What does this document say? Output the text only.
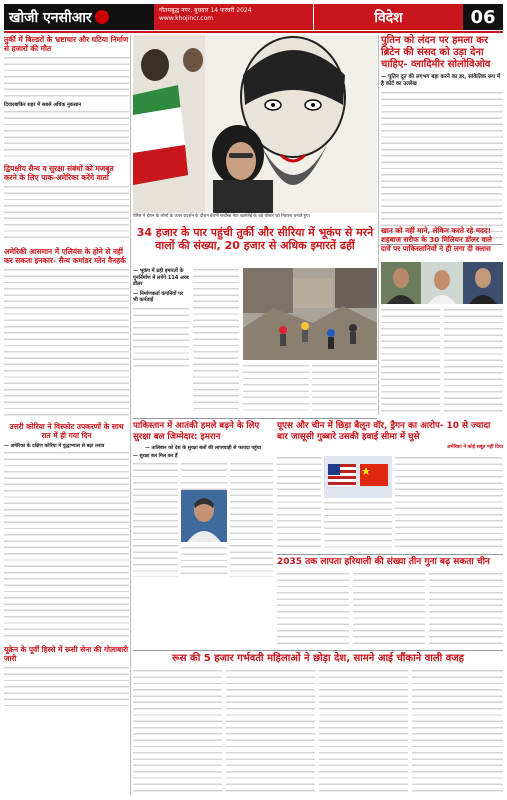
खोजी एनसीआर	गौतमबुद्ध नगर, बुधवार 14 फरवरी 2024
www.khojincr.com	विदेश	06
तुर्की में बिल्डरों के भ्रष्टाचार और घटिया निर्माण से हजारों की मौत
दियारबाकिर शहर में सबसे अधिक नुकसान
द्विपक्षीय सैन्य व सुरक्षा संबंधों को मजबूत करने के लिए पाक-अमेरिका करेंगे वार्ता
अमेरिकी आसमान में एलियंस के होने से नहीं कर सकता इनकार- सैन्य कमांडर ग्लेन वैनहर्क
उत्तरी कोरिया ने विस्फोट उपकरणों के साथ रात में ही गया दिन
— अमेरिका के दक्षिण कोरिया में युद्धाभ्यास से बढ़ा तनाव
यूक्रेन के पूर्वी हिस्से में रूसी सेना की गोलाबारी जारी
पेरिस में ईरान के लोगों के ऊपर प्रदर्शन के दौरान ईरानी सर्वोच्च नेता खामेनेई के बड़े पोस्टर को निशाना बनाते हुए।
34 हजार के पार पहुंची तुर्की और सीरिया में भूकंप से मरने वालों की संख्या, 20 हजार से अधिक इमारतें ढहीं
— भूकंप में ढही इमारतों के पुनर्निर्माण में लगेंगे 114 अरब डॉलर
— निर्माणकर्ता कंपनियों पर भी कार्रवाई
पाकिस्तान में आतंकी हमले बढ़ने के लिए सुरक्षा बल जिम्मेदार: इमरान
— तालिबान को देश के सुरक्षा बलों की लापरवाही से फायदा पहुंचा
— सुरक्षा बल मिल कर हैं
यूएस और चीन में छिड़ा बैलून वॉर, ड्रैगन का आरोप- 10 से ज्यादा बार जासूसी गुब्बारे उसकी हवाई सीमा में घुसे
अमेरिका ने कोई सबूत नहीं दिया
2035 तक लापता हरियाली की संख्या तीन गुना बढ़ सकता चीन
रूस की 5 हजार गर्भवती महिलाओं ने छोड़ा देश, सामने आई चौंकाने वाली वजह
पुतिन को लंदन पर हमला कर ब्रिटेन की संसद को उड़ा देना चाहिए- व्लादिमीर सोलोविओव
— पुतिन दूत की लगभग बड़ा करने का डर, सांकेतिक रूप में है कोर्ट का उल्लेख
खान को नहीं माने, लेकिन करते रहे मदद! शहबाज सरीफ के 30 मिलियन डॉलर वाले दावे पर पाकिस्तानियों ने ही लगा दी क्लास
